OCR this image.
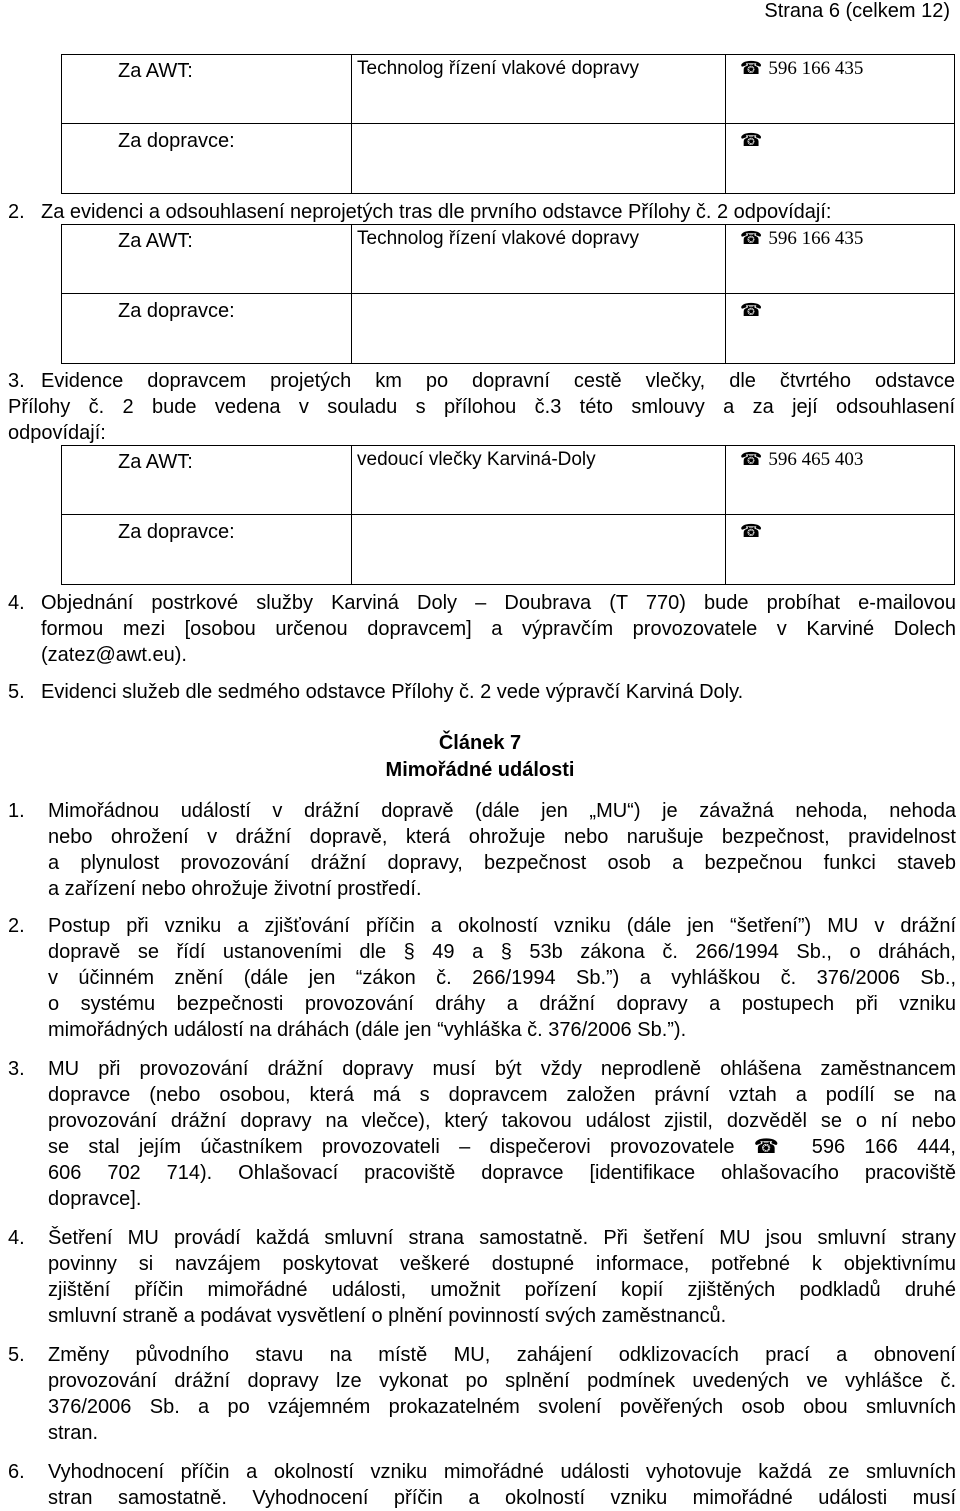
Strana 6 (celkem 12)
Za AWT:	Technolog řízení vlakové dopravy	☎ 596 166 435
Za dopravce:		☎
2. Za evidenci a odsouhlasení neprojetých tras dle prvního odstavce Přílohy č. 2 odpovídají:
Za AWT:	Technolog řízení vlakové dopravy	☎ 596 166 435
Za dopravce:		☎
3. Evidence dopravcem projetých km po dopravní cestě vlečky, dle čtvrtého odstavce
Přílohy č. 2 bude vedena v souladu s přílohou č.3 této smlouvy a za její odsouhlasení
odpovídají:
Za AWT:	vedoucí vlečky Karviná-Doly	☎ 596 465 403
Za dopravce:		☎
4. Objednání postrkové služby Karviná Doly – Doubrava (T 770) bude probíhat e-mailovou
formou mezi [osobou určenou dopravcem] a výpravčím provozovatele v Karviné Dolech
(zatez@awt.eu).
5. Evidenci služeb dle sedmého odstavce Přílohy č. 2 vede výpravčí Karviná Doly.
Článek 7
Mimořádné události
1. Mimořádnou událostí v drážní dopravě (dále jen „MU“) je závažná nehoda, nehoda
nebo ohrožení v drážní dopravě, která ohrožuje nebo narušuje bezpečnost, pravidelnost
a plynulost provozování drážní dopravy, bezpečnost osob a bezpečnou funkci staveb
a zařízení nebo ohrožuje životní prostředí.
2. Postup při vzniku a zjišťování příčin a okolností vzniku (dále jen “šetření”) MU v drážní
dopravě se řídí ustanoveními dle § 49 a § 53b zákona č. 266/1994 Sb., o dráhách,
v účinném znění (dále jen “zákon č. 266/1994 Sb.”) a vyhláškou č. 376/2006 Sb.,
o systému bezpečnosti provozování dráhy a drážní dopravy a postupech při vzniku
mimořádných událostí na dráhách (dále jen “vyhláška č. 376/2006 Sb.”).
3. MU při provozování drážní dopravy musí být vždy neprodleně ohlášena zaměstnancem
dopravce (nebo osobou, která má s dopravcem založen právní vztah a podílí se na
provozování drážní dopravy na vlečce), který takovou událost zjistil, dozvěděl se o ní nebo
se stal jejím účastníkem provozovateli – dispečerovi provozovatele ☎ 596 166 444,
606 702 714). Ohlašovací pracoviště dopravce [identifikace ohlašovacího pracoviště
dopravce].
4. Šetření MU provádí každá smluvní strana samostatně. Při šetření MU jsou smluvní strany
povinny si navzájem poskytovat veškeré dostupné informace, potřebné k objektivnímu
zjištění příčin mimořádné události, umožnit pořízení kopií zjištěných podkladů druhé
smluvní straně a podávat vysvětlení o plnění povinností svých zaměstnanců.
5. Změny původního stavu na místě MU, zahájení odklizovacích prací a obnovení
provozování drážní dopravy lze vykonat po splnění podmínek uvedených ve vyhlášce č.
376/2006 Sb. a po vzájemném prokazatelném svolení pověřených osob obou smluvních
stran.
6. Vyhodnocení příčin a okolností vzniku mimořádné události vyhotovuje každá ze smluvních
stran samostatně. Vyhodnocení příčin a okolností vzniku mimořádné události musí
